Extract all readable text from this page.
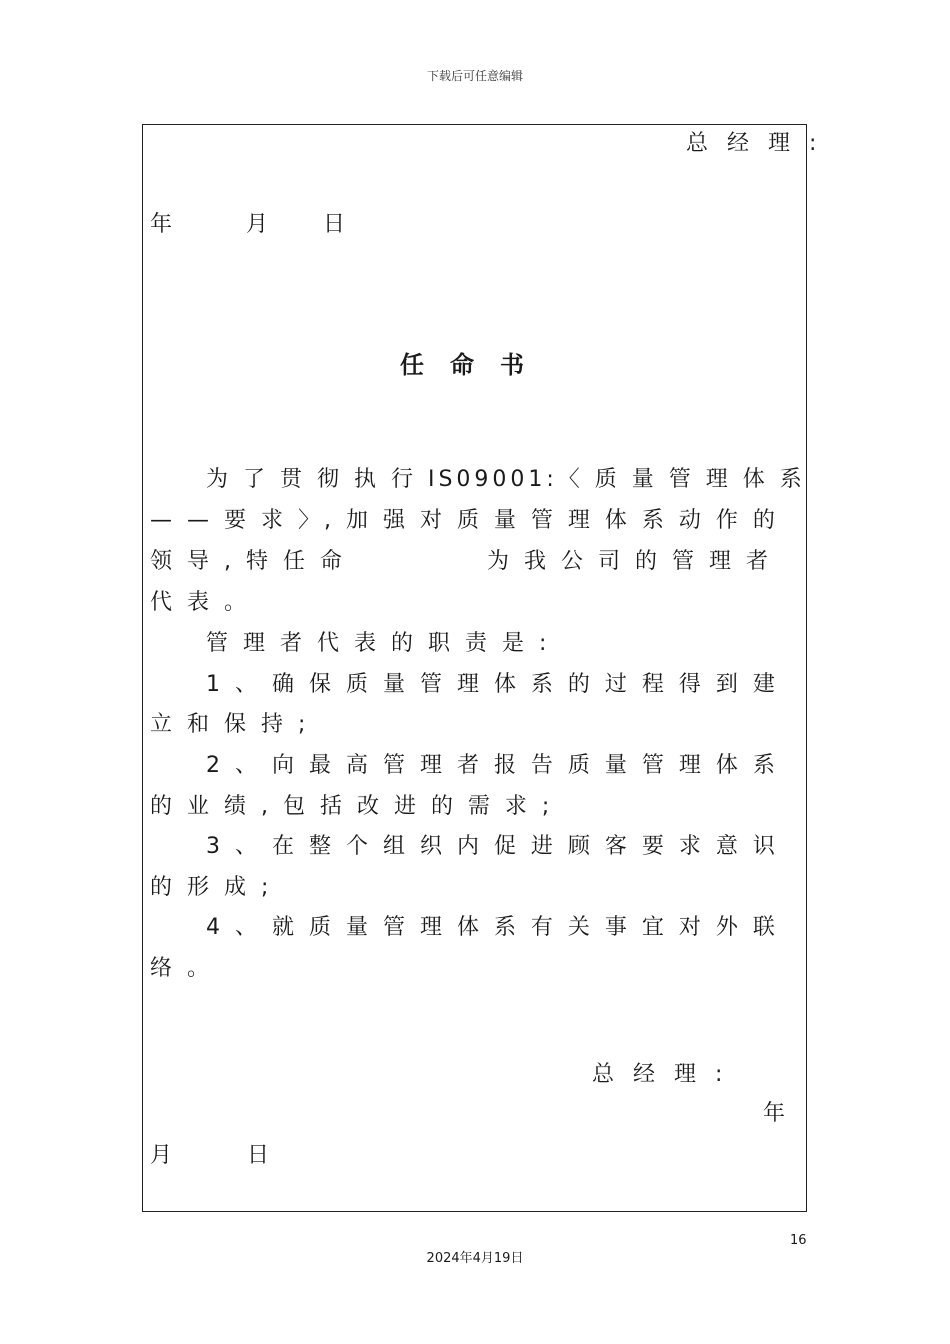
下载后可任意编辑
总 经 理 :
年	月 日
任命书
为 了 贯 彻 执 行 IS09001:〈 质 量 管 理 体 系
— — 要 求 〉, 加 强 对 质 量 管 理 体 系 动 作 的
领 导 , 特 任 命	为 我 公 司 的 管 理 者
代 表 。
管 理 者 代 表 的 职 责 是 :
1 、 确 保 质 量 管 理 体 系 的 过 程 得 到 建
立 和 保 持 ;
2 、 向 最 高 管 理 者 报 告 质 量 管 理 体 系
的 业 绩 , 包 括 改 进 的 需 求 ;
3 、 在 整 个 组 织 内 促 进 顾 客 要 求 意 识
的 形 成 ;
4 、 就 质 量 管 理 体 系 有 关 事 宜 对 外 联
络 。
总 经 理 :
年
月	日
16
2024年4月19日
